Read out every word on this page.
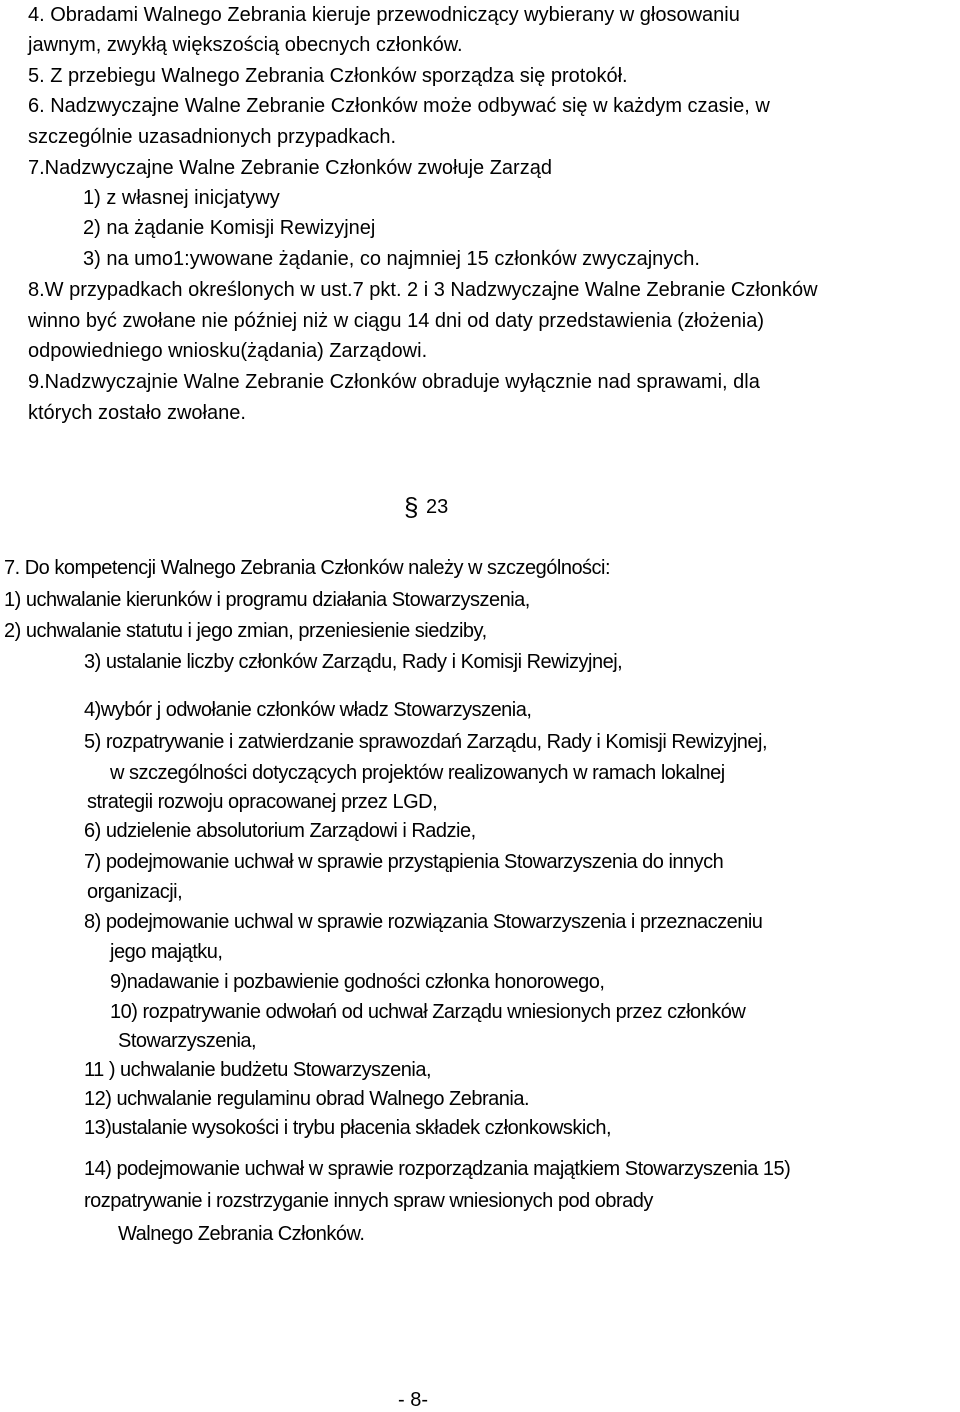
4. Obradami Walnego Zebrania kieruje przewodniczący wybierany w głosowaniu
jawnym, zwykłą większością obecnych członków.
5. Z przebiegu Walnego Zebrania Członków sporządza się protokół.
6. Nadzwyczajne Walne Zebranie Członków może odbywać się w każdym czasie, w
szczególnie uzasadnionych przypadkach.
7.Nadzwyczajne Walne Zebranie Członków zwołuje Zarząd
1) z własnej inicjatywy
2) na żądanie Komisji Rewizyjnej
3) na umo1:ywowane żądanie, co najmniej 15 członków zwyczajnych.
8.W przypadkach określonych w ust.7 pkt. 2 i 3 Nadzwyczajne Walne Zebranie Członków
winno być zwołane nie później niż w ciągu 14 dni od daty przedstawienia (złożenia)
odpowiedniego wniosku(żądania) Zarządowi.
9.Nadzwyczajnie Walne Zebranie Członków obraduje wyłącznie nad sprawami, dla
których zostało zwołane.
§ 23
7. Do kompetencji Walnego Zebrania Członków należy w szczególności:
1) uchwalanie kierunków i programu działania Stowarzyszenia,
2) uchwalanie statutu i jego zmian, przeniesienie siedziby,
3) ustalanie liczby członków Zarządu, Rady i Komisji Rewizyjnej,
4)wybór j odwołanie członków władz Stowarzyszenia,
5) rozpatrywanie i zatwierdzanie sprawozdań Zarządu, Rady i Komisji Rewizyjnej,
w szczególności dotyczących projektów realizowanych w ramach lokalnej
strategii rozwoju opracowanej przez LGD,
6) udzielenie absolutorium Zarządowi i Radzie,
7) podejmowanie uchwał w sprawie przystąpienia Stowarzyszenia do innych
organizacji,
8) podejmowanie uchwal w sprawie rozwiązania Stowarzyszenia i przeznaczeniu
jego majątku,
9)nadawanie i pozbawienie godności członka honorowego,
10) rozpatrywanie odwołań od uchwał Zarządu wniesionych przez członków
Stowarzyszenia,
11 ) uchwalanie budżetu Stowarzyszenia,
12) uchwalanie regulaminu obrad Walnego Zebrania.
13)ustalanie wysokości i trybu płacenia składek członkowskich,
14) podejmowanie uchwał w sprawie rozporządzania majątkiem Stowarzyszenia 15)
rozpatrywanie i rozstrzyganie innych spraw wniesionych pod obrady
Walnego Zebrania Członków.
- 8-
